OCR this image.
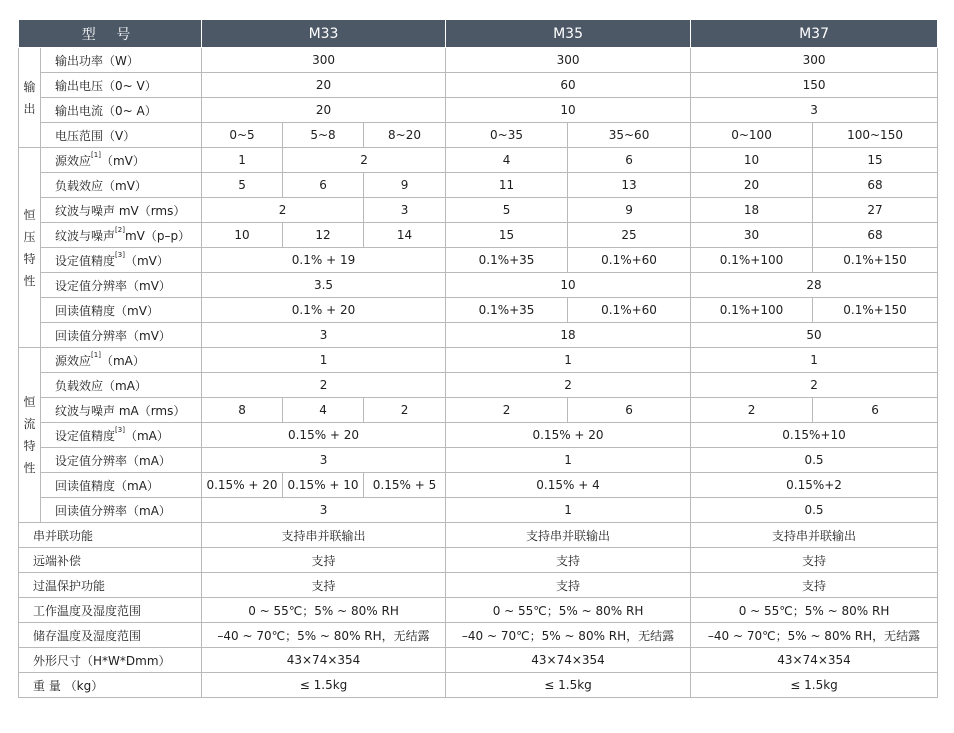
型 号		M33			M35		M37	

输
出	输出功率（W）	300			300		300	
	输出电压（0~ V）	20			60		150	
	输出电流（0~ A）	20			10		3	
	电压范围（V）	0~5	5~8	8~20	0~35	35~60	0~100	100~150

恒
压
特
性	源效应[1]（mV）	1	2		4	6	10	15
	负载效应（mV）	5	6	9	11	13	20	68
	纹波与噪声 mV（rms）	2		3	5	9	18	27
	纹波与噪声[2]mV（p–p）	10	12	14	15	25	30	68
	设定值精度[3]（mV）	0.1% + 19			0.1%+35	0.1%+60	0.1%+100	0.1%+150
	设定值分辨率（mV）	3.5			10		28	
	回读值精度（mV）	0.1% + 20			0.1%+35	0.1%+60	0.1%+100	0.1%+150
	回读值分辨率（mV）	3			18		50	

恒
流
特
性	源效应[1]（mA）	1			1		1	
	负载效应（mA）	2			2		2	
	纹波与噪声 mA（rms）	8	4	2	2	6	2	6
	设定值精度[3]（mA）	0.15% + 20			0.15% + 20		0.15%+10	
	设定值分辨率（mA）	3			1		0.5	
	回读值精度（mA）	0.15% + 20	0.15% + 10	0.15% + 5	0.15% + 4		0.15%+2	
	回读值分辨率（mA）	3			1		0.5	
串并联功能		支持串并联输出			支持串并联输出		支持串并联输出	
远端补偿		支持			支持		支持	
过温保护功能		支持			支持		支持	
工作温度及湿度范围		0 ~ 55℃；5% ~ 80% RH			0 ~ 55℃；5% ~ 80% RH		0 ~ 55℃；5% ~ 80% RH	
储存温度及湿度范围		–40 ~ 70℃；5% ~ 80% RH，无结露			–40 ~ 70℃；5% ~ 80% RH，无结露		–40 ~ 70℃；5% ~ 80% RH，无结露	
外形尺寸（H*W*Dmm）		43×74×354			43×74×354		43×74×354	
重 量 （kg）		≤ 1.5kg			≤ 1.5kg		≤ 1.5kg	
